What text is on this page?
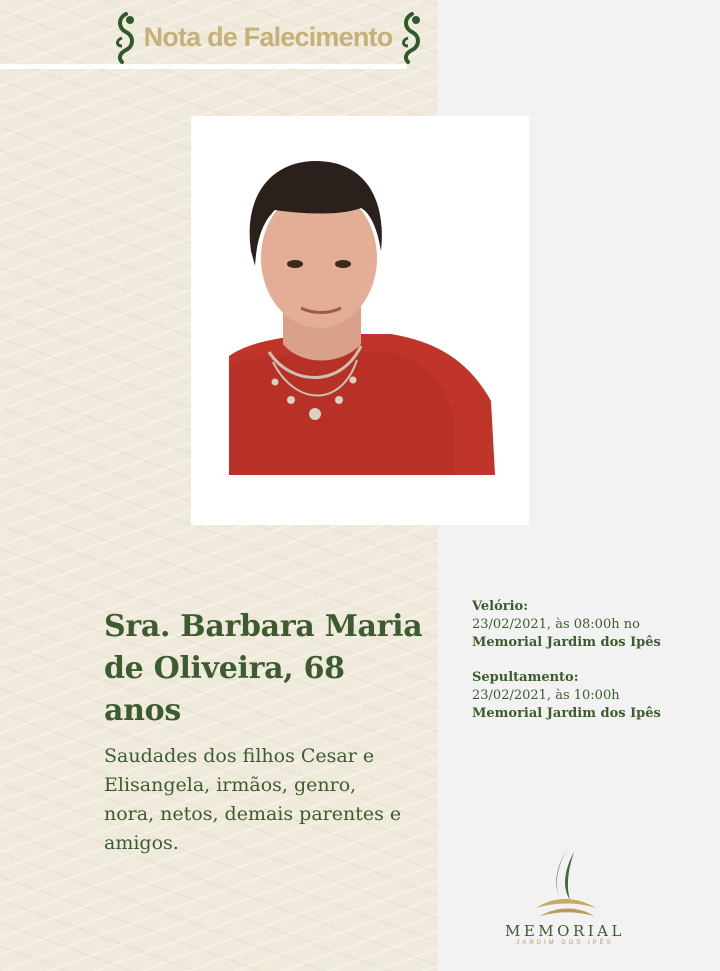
Nota de Falecimento
Sra. Barbara Maria de Oliveira, 68 anos
Saudades dos filhos Cesar e Elisangela, irmãos, genro, nora, netos, demais parentes e amigos.
Velório:
23/02/2021, às 08:00h no
Memorial Jardim dos Ipês
Sepultamento:
23/02/2021, às 10:00h
Memorial Jardim dos Ipês
MEMORIAL
JARDIM DOS IPÊS
